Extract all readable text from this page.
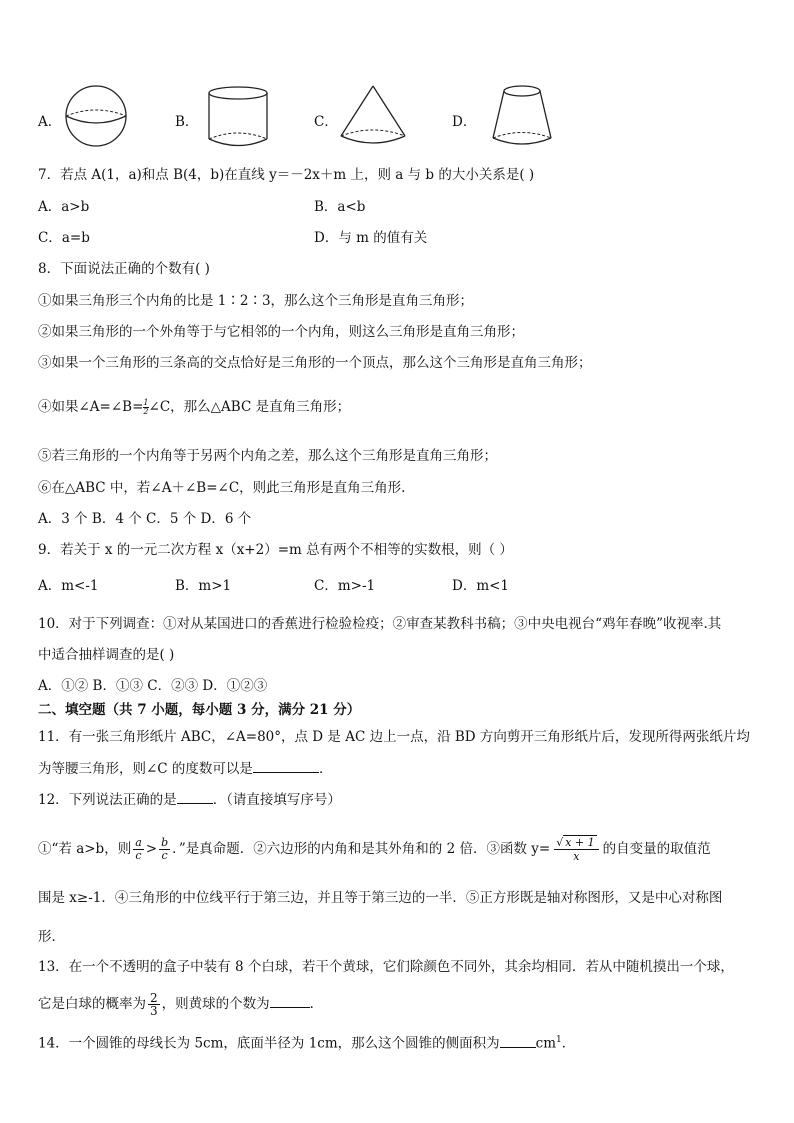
A．	B．	C．	D．
7．若点 A(1，a)和点 B(4，b)在直线 y＝－2x＋m 上，则 a 与 b 的大小关系是( )
A．a>b	B．a<b
C．a=b	D．与 m 的值有关
8．下面说法正确的个数有( )
①如果三角形三个内角的比是 1∶2∶3，那么这个三角形是直角三角形；
②如果三角形的一个外角等于与它相邻的一个内角，则这么三角形是直角三角形；
③如果一个三角形的三条高的交点恰好是三角形的一个顶点，那么这个三角形是直角三角形；
④如果∠A=∠B= $\frac{1}{2}$ ∠C，那么△ABC 是直角三角形；
⑤若三角形的一个内角等于另两个内角之差，那么这个三角形是直角三角形；
⑥在△ABC 中，若∠A＋∠B=∠C，则此三角形是直角三角形.
A．3 个 B．4 个 C．5 个 D．6 个
9．若关于 x 的一元二次方程 x（x+2）=m 总有两个不相等的实数根，则（ ）
A．m<-1	B．m>1	C．m>-1	D．m<1
10．对于下列调查：①对从某国进口的香蕉进行检验检疫；②审查某教科书稿；③中央电视台“鸡年春晚”收视率.其
中适合抽样调查的是( )
A．①② B．①③ C．②③ D．①②③
二、填空题（共 7 小题，每小题 3 分，满分 21 分）
11．有一张三角形纸片 ABC，∠A=80°，点 D 是 AC 边上一点，沿 BD 方向剪开三角形纸片后，发现所得两张纸片均
为等腰三角形，则∠C 的度数可以是	．
12．下列说法正确的是	．（请直接填写序号）
①“若 a>b，则 $\frac{a}{c} > \frac{b}{c}$ ．”是真命题．②六边形的内角和是其外角和的 2 倍．③函数 $y= \frac{√ x + 1}{x}$ 的自变量的取值范
围是 x≥-1．④三角形的中位线平行于第三边，并且等于第三边的一半．⑤正方形既是轴对称图形，又是中心对称图
形．
13．在一个不透明的盒子中装有 8 个白球，若干个黄球，它们除颜色不同外，其余均相同．若从中随机摸出一个球，
它是白球的概率为 $\frac{2}{3}$ ，则黄球的个数为	．
14．一个圆锥的母线长为 5cm，底面半径为 1cm，那么这个圆锥的侧面积为	$cm^1$．
